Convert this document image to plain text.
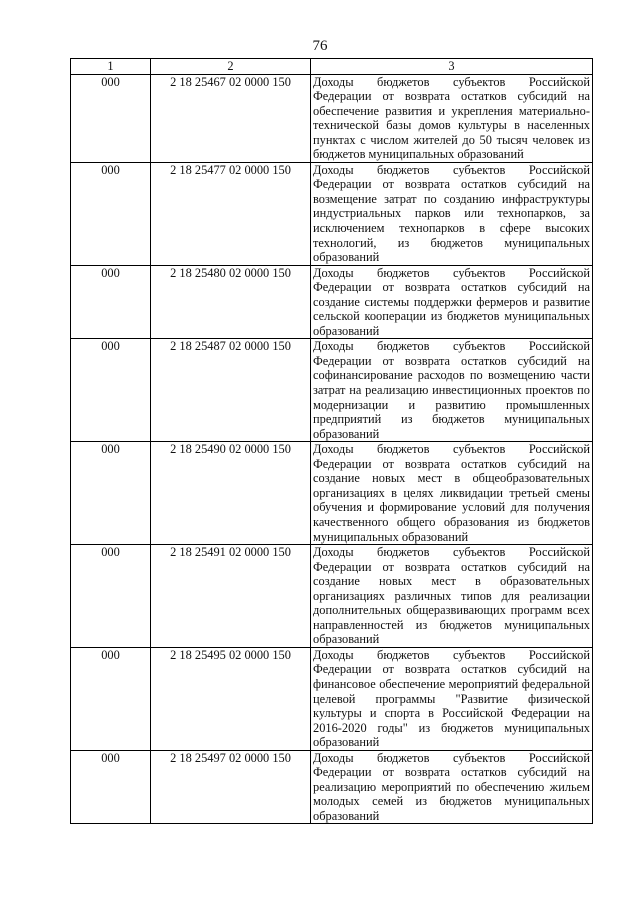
76
1	2	3
000	2 18 25467 02 0000 150	Доходы бюджетов субъектов Российской Федерации от возврата остатков субсидий на обеспечение развития и укрепления материально-технической базы домов культуры в населенных пунктах с числом жителей до 50 тысяч человек из бюджетов муниципальных образований
000	2 18 25477 02 0000 150	Доходы бюджетов субъектов Российской Федерации от возврата остатков субсидий на возмещение затрат по созданию инфраструктуры индустриальных парков или технопарков, за исключением технопарков в сфере высоких технологий, из бюджетов муниципальных образований
000	2 18 25480 02 0000 150	Доходы бюджетов субъектов Российской Федерации от возврата остатков субсидий на создание системы поддержки фермеров и развитие сельской кооперации из бюджетов муниципальных образований
000	2 18 25487 02 0000 150	Доходы бюджетов субъектов Российской Федерации от возврата остатков субсидий на софинансирование расходов по возмещению части затрат на реализацию инвестиционных проектов по модернизации и развитию промышленных предприятий из бюджетов муниципальных образований
000	2 18 25490 02 0000 150	Доходы бюджетов субъектов Российской Федерации от возврата остатков субсидий на создание новых мест в общеобразовательных организациях в целях ликвидации третьей смены обучения и формирование условий для получения качественного общего образования из бюджетов муниципальных образований
000	2 18 25491 02 0000 150	Доходы бюджетов субъектов Российской Федерации от возврата остатков субсидий на создание новых мест в образовательных организациях различных типов для реализации дополнительных общеразвивающих программ всех направленностей из бюджетов муниципальных образований
000	2 18 25495 02 0000 150	Доходы бюджетов субъектов Российской Федерации от возврата остатков субсидий на финансовое обеспечение мероприятий федеральной целевой программы "Развитие физической культуры и спорта в Российской Федерации на 2016-2020 годы" из бюджетов муниципальных образований
000	2 18 25497 02 0000 150	Доходы бюджетов субъектов Российской Федерации от возврата остатков субсидий на реализацию мероприятий по обеспечению жильем молодых семей из бюджетов муниципальных образований
